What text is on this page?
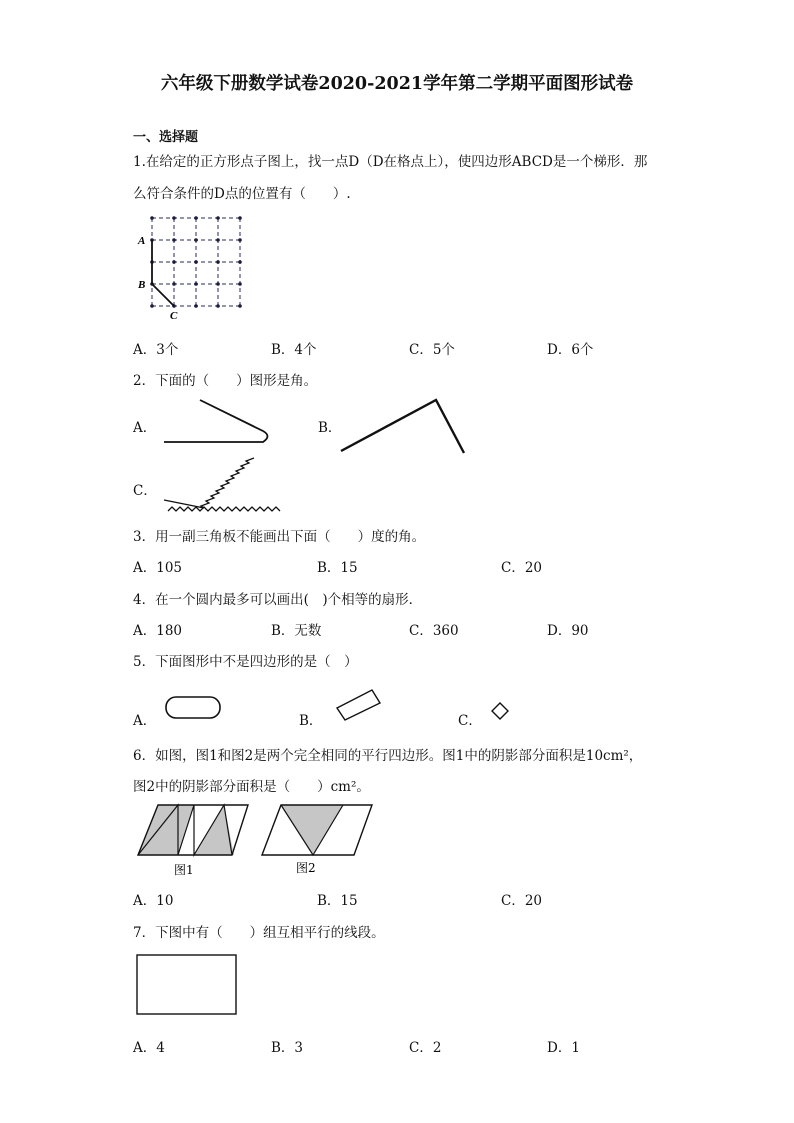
六年级下册数学试卷2020-2021学年第二学期平面图形试卷
一、选择题
1.在给定的正方形点子图上，找一点D（D在格点上），使四边形ABCD是一个梯形．那
么符合条件的D点的位置有（　　）.
A
B
C
A．3个	B．4个	C．5个	D．6个
2．下面的（　　）图形是角。
A．	B．
C．
3．用一副三角板不能画出下面（　　）度的角。
A．105	B．15	C．20
4．在一个圆内最多可以画出(　)个相等的扇形．
A．180	B．无数	C．360	D．90
5．下面图形中不是四边形的是（　）
A．	B．	C．
6．如图，图1和图2是两个完全相同的平行四边形。图1中的阴影部分面积是10cm²，
图2中的阴影部分面积是（　　）cm²。
图1	图2
A．10	B．15	C．20
7．下图中有（　　）组互相平行的线段。
A．4	B．3	C．2	D．1
